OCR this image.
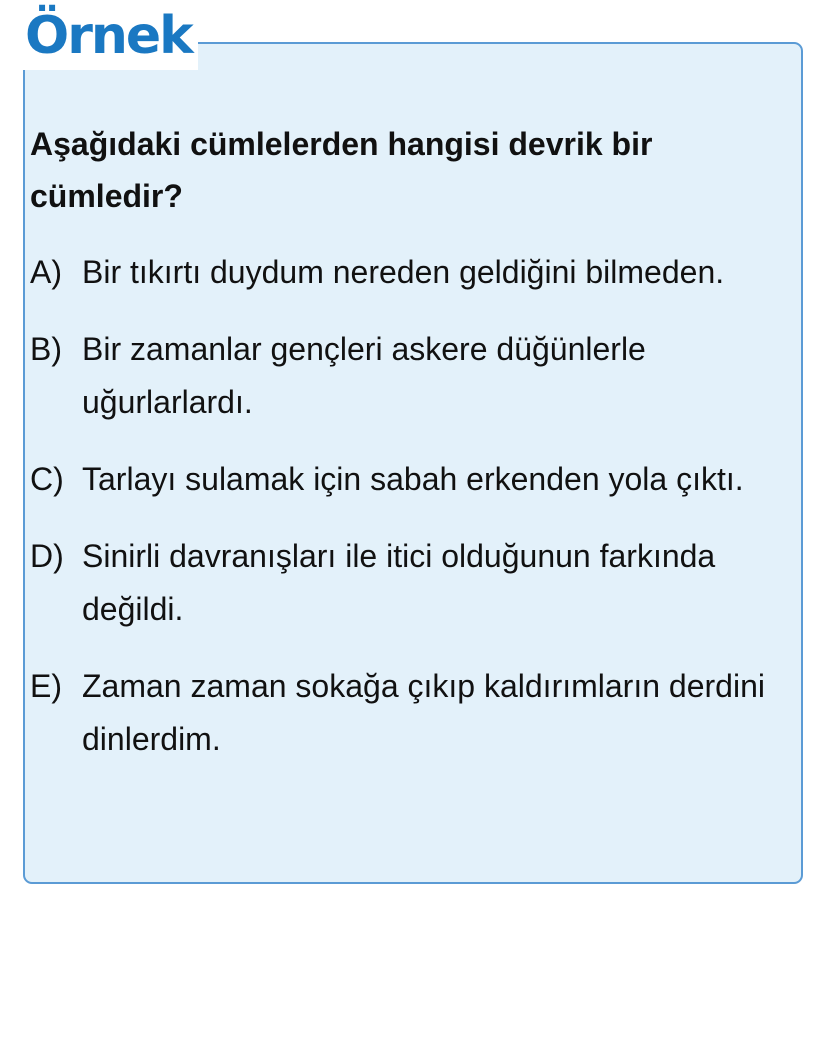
Örnek

Aşağıdaki cümlelerden hangisi devrik bir cümledir?

A) Bir tıkırtı duydum nereden geldiğini bilmeden.
B) Bir zamanlar gençleri askere düğünlerle uğurlarlardı.
C) Tarlayı sulamak için sabah erkenden yola çıktı.
D) Sinirli davranışları ile itici olduğunun farkında değildi.
E) Zaman zaman sokağa çıkıp kaldırımların derdini dinlerdim.
